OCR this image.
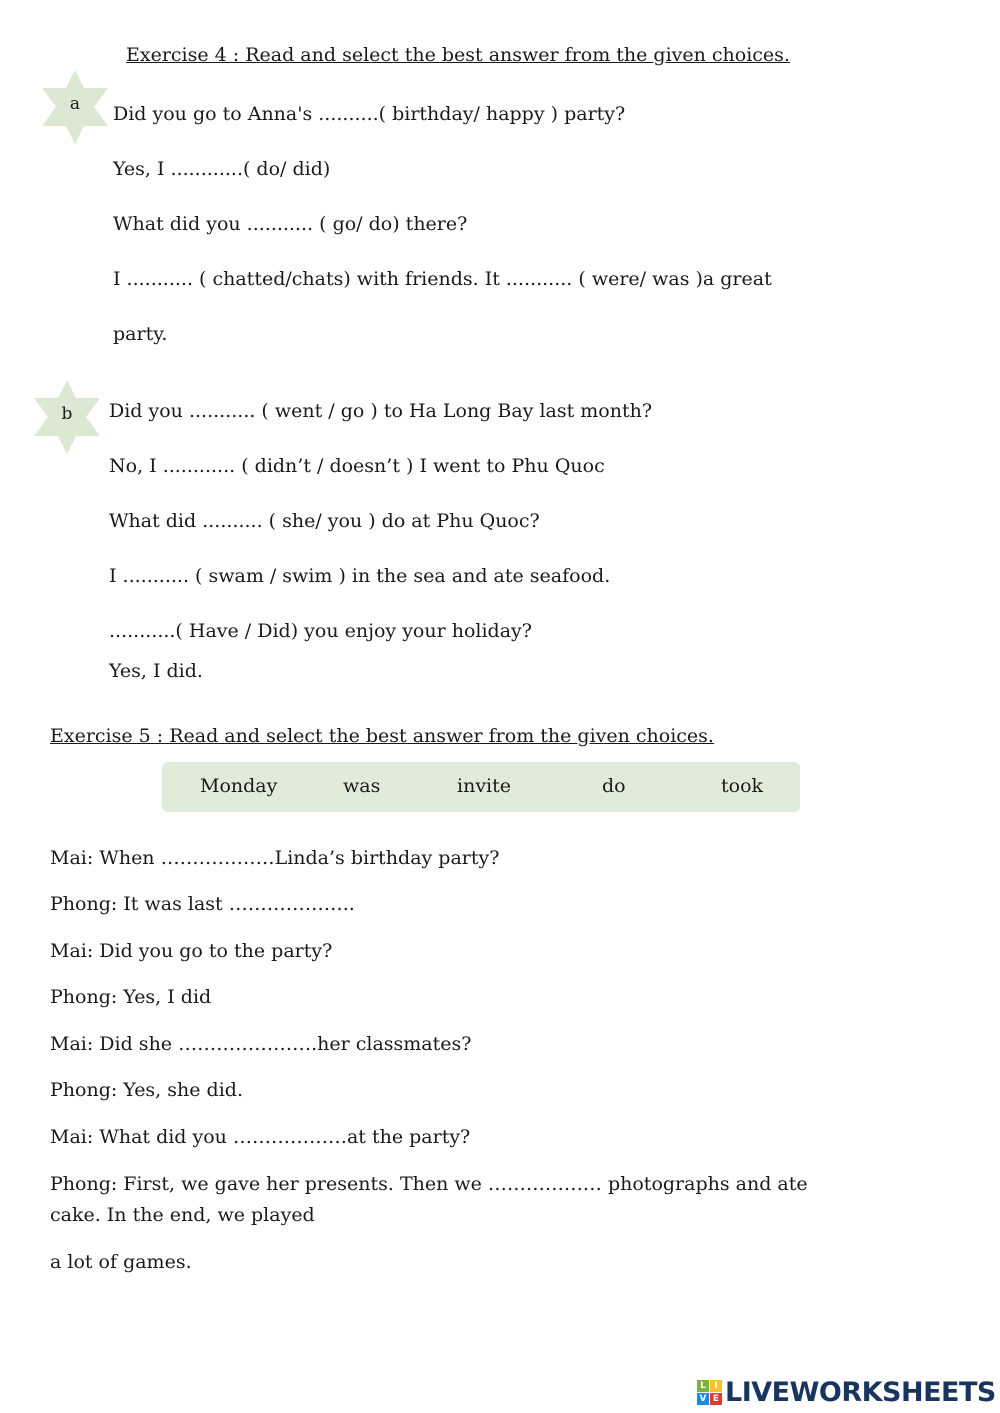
Exercise 4 : Read and select the best answer from the given choices.
a	Did you go to Anna's ..........( birthday/ happy ) party?
Yes, I ............( do/ did)
What did you ........... ( go/ do) there?
I ........... ( chatted/chats) with friends. It ........... ( were/ was )a great
party.
b	Did you ........... ( went / go ) to Ha Long Bay last month?
No, I ............ ( didn’t / doesn’t ) I went to Phu Quoc
What did .......... ( she/ you ) do at Phu Quoc?
I ........... ( swam / swim ) in the sea and ate seafood.
...........( Have / Did) you enjoy your holiday?
Yes, I did.
Exercise 5 : Read and select the best answer from the given choices.
Monday	was	invite	do	took
Mai: When ………………Linda’s birthday party?
Phong: It was last ………………..
Mai: Did you go to the party?
Phong: Yes, I did
Mai: Did she ………………….her classmates?
Phong: Yes, she did.
Mai: What did you ………………at the party?
Phong: First, we gave her presents. Then we ……………… photographs and ate
cake. In the end, we played
a lot of games.
L I
V E LIVEWORKSHEETS
